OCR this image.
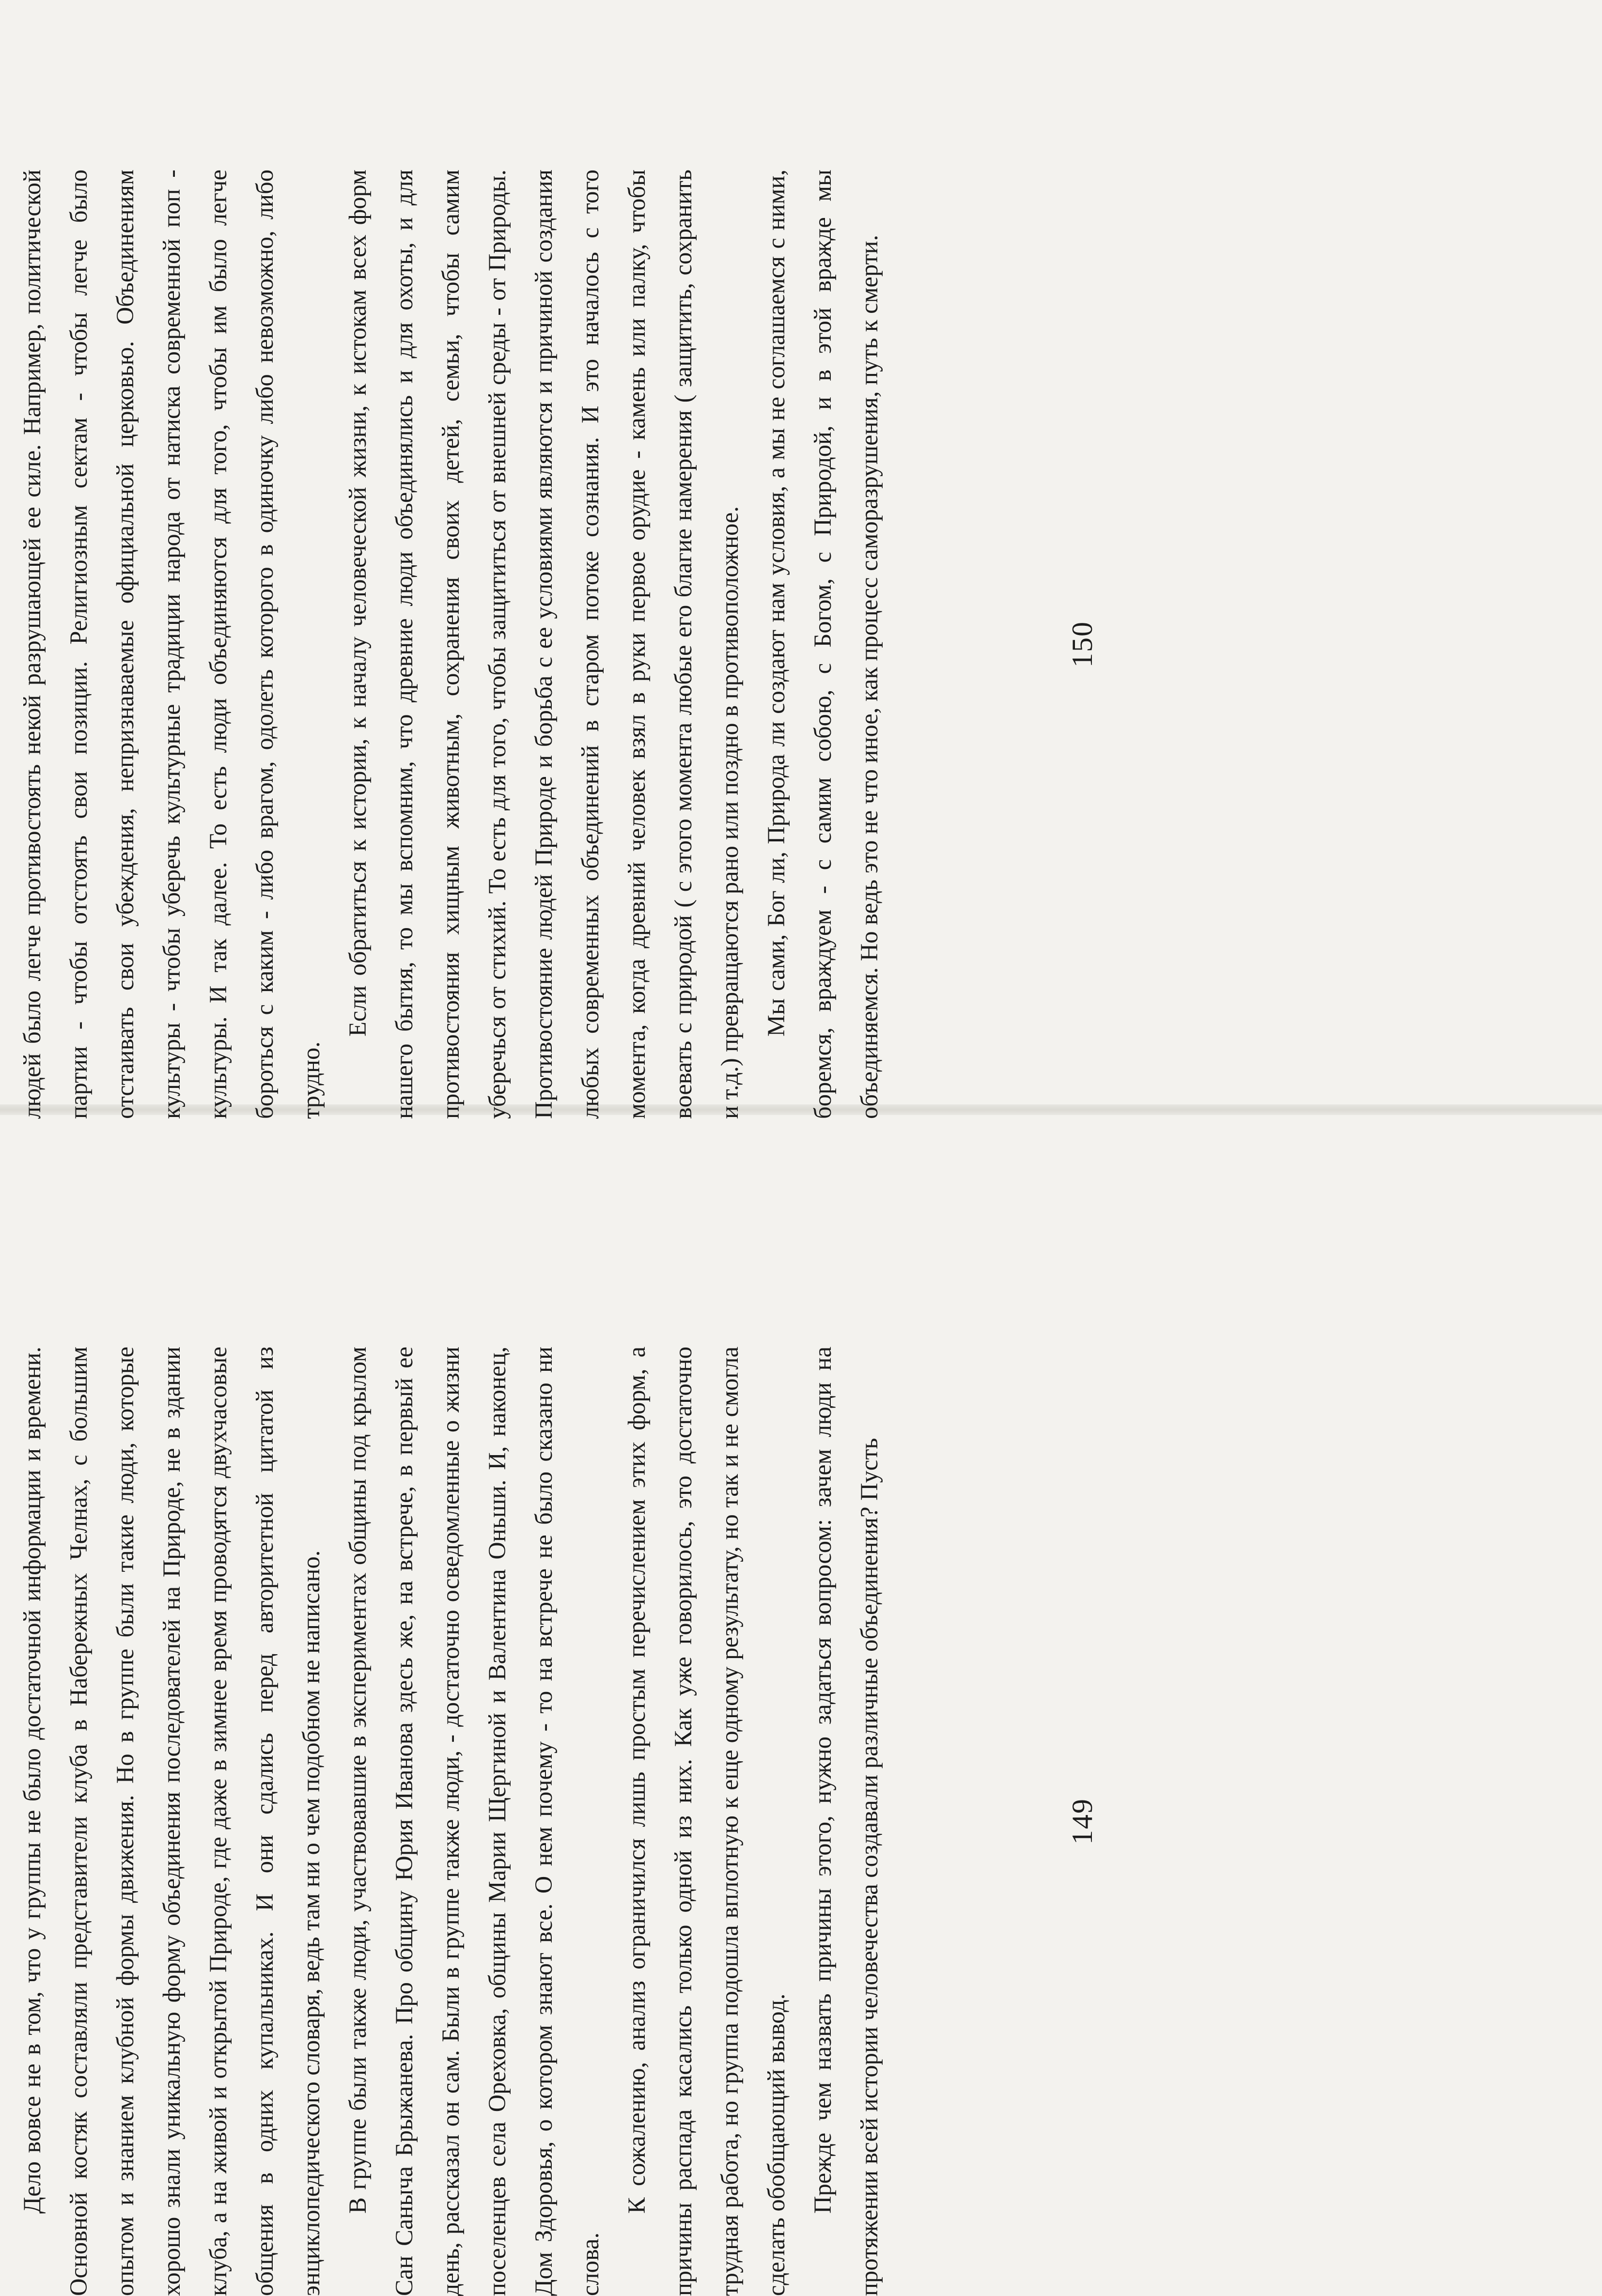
людей было легче противостоять некой разрушающей ее силе. Например, политической партии - чтобы отстоять свои позиции. Религиозным сектам - чтобы легче было отстаивать свои убеждения, непризнаваемые официальной церковью. Объединениям культуры - чтобы уберечь культурные традиции народа от натиска современной поп - культуры. И так далее. То есть люди объединяются для того, чтобы им было легче бороться с каким - либо врагом, одолеть которого в одиночку либо невозможно, либо трудно.

Если обратиться к истории, к началу человеческой жизни, к истокам всех форм нашего бытия, то мы вспомним, что древние люди объединялись и для охоты, и для противостояния хищным животным, сохранения своих детей, семьи, чтобы самим уберечься от стихий. То есть для того, чтобы защититься от внешней среды - от Природы. Противостояние людей Природе и борьба с ее условиями являются и причиной создания любых современных объединений в старом потоке сознания. И это началось с того момента, когда древний человек взял в руки первое орудие - камень или палку, чтобы воевать с природой ( с этого момента любые его благие намерения ( защитить, сохранить и т.д.) превращаются рано или поздно в противоположное. Мы сами, Бог ли, Природа ли создают нам условия, а мы не соглашаемся с ними, боремся, враждуем - с самим собою, с Богом, с Природой, и в этой вражде мы объединяемся. Но ведь это не что иное, как процесс саморазрушения, путь к смерти.	150

Дело вовсе не в том, что у группы не было достаточной информации и времени. Основной костяк составляли представители клуба в Набережных Челнах, с большим опытом и знанием клубной формы движения. Но в группе были такие люди, которые хорошо знали уникальную форму объединения последователей на Природе, не в здании клуба, а на живой и открытой Природе, где даже в зимнее время проводятся двухчасовые общения в одних купальниках. И они сдались перед авторитетной цитатой из энциклопедического словаря, ведь там ни о чем подобном не написано. В группе были также люди, участвовавшие в экспериментах общины под крылом Сан Саныча Брыжанева. Про общину Юрия Иванова здесь же, на встрече, в первый ее день, рассказал он сам. Были в группе также люди, - достаточно осведомленные о жизни поселенцев села Ореховка, общины Марии Щергиной и Валентина Оньши. И, наконец, Дом Здоровья, о котором знают все. О нем почему - то на встрече не было сказано ни слова.

К сожалению, анализ ограничился лишь простым перечислением этих форм, а причины распада касались только одной из них. Как уже говорилось, это достаточно трудная работа, но группа подошла вплотную к еще одному результату, но так и не смогла сделать обобщающий вывод. Прежде чем назвать причины этого, нужно задаться вопросом: зачем люди на протяжении всей истории человечества создавали различные объединения? Пусть	149
